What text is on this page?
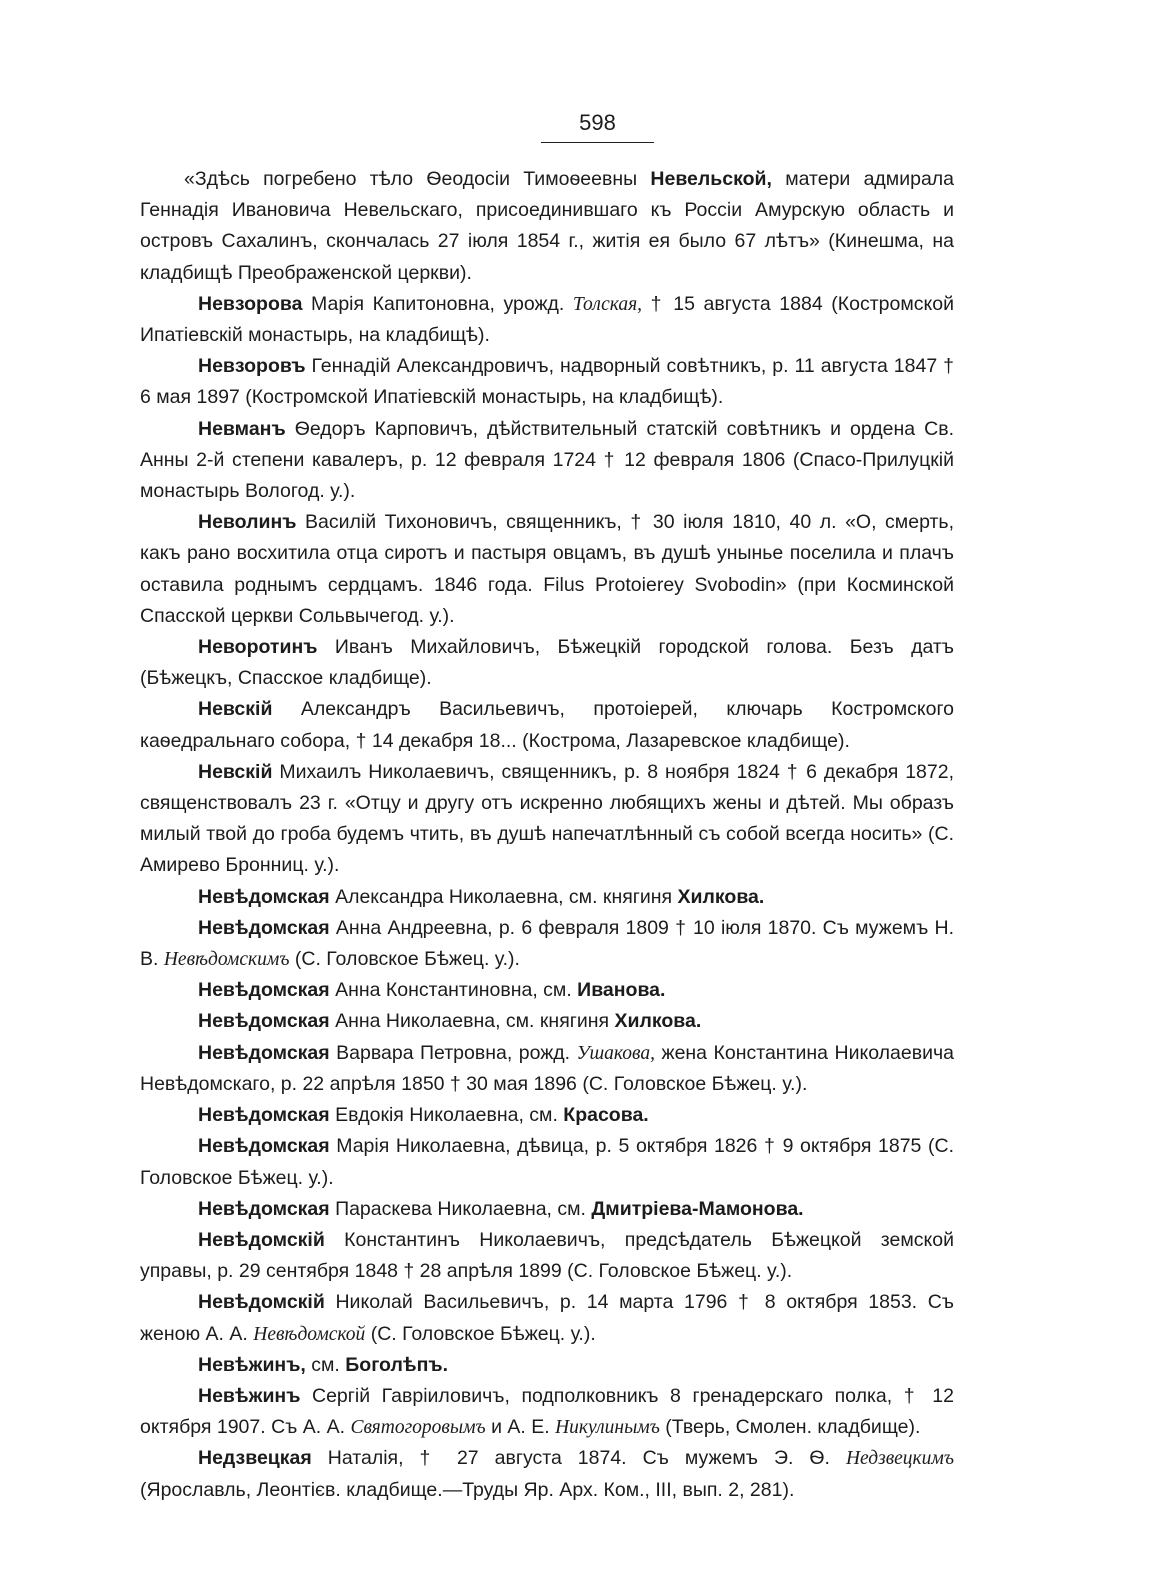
598

«Здѣсь погребено тѣло Ѳеодосіи Тимоѳеевны Невельской, матери адмирала Геннадія Ивановича Невельскаго, присоединившаго къ Россіи Амурскую область и островъ Сахалинъ, скончалась 27 іюля 1854 г., житія ея было 67 лѣтъ» (Кинешма, на кладбищѣ Преображенской церкви).

Невзорова Марія Капитоновна, урожд. Толская, † 15 августа 1884 (Костромской Ипатіевскій монастырь, на кладбищѣ).

Невзоровъ Геннадій Александровичъ, надворный совѣтникъ, р. 11 августа 1847 † 6 мая 1897 (Костромской Ипатіевскій монастырь, на кладбищѣ).

Невманъ Ѳедоръ Карповичъ, дѣйствительный статскій совѣтникъ и ордена Св. Анны 2-й степени кавалеръ, р. 12 февраля 1724 † 12 февраля 1806 (Спасо-Прилуцкій монастырь Вологод. у.).

Неволинъ Василій Тихоновичъ, священникъ, † 30 іюля 1810, 40 л. «О, смерть, какъ рано восхитила отца сиротъ и пастыря овцамъ, въ душѣ унынье поселила и плачъ оставила роднымъ сердцамъ. 1846 года. Filus Protoierey Svobodin» (при Косминской Спасской церкви Сольвычегод. у.).

Неворотинъ Иванъ Михайловичъ, Бѣжецкій городской голова. Безъ датъ (Бѣжецкъ, Спасское кладбище).

Невскій Александръ Васильевичъ, протоіерей, ключарь Костромского каѳедральнаго собора, † 14 декабря 18... (Кострома, Лазаревское кладбище).

Невскій Михаилъ Николаевичъ, священникъ, р. 8 ноября 1824 † 6 декабря 1872, священствовалъ 23 г. «Отцу и другу отъ искренно любящихъ жены и дѣтей. Мы образъ милый твой до гроба будемъ чтить, въ душѣ напечатлѣнный съ собой всегда носить» (С. Амирево Бронниц. у.).

Невѣдомская Александра Николаевна, см. княгиня Хилкова.

Невѣдомская Анна Андреевна, р. 6 февраля 1809 † 10 іюля 1870. Съ мужемъ Н. В. Невѣдомскимъ (С. Головское Бѣжец. у.).

Невѣдомская Анна Константиновна, см. Иванова.

Невѣдомская Анна Николаевна, см. княгиня Хилкова.

Невѣдомская Варвара Петровна, рожд. Ушакова, жена Константина Николаевича Невѣдомскаго, р. 22 апрѣля 1850 † 30 мая 1896 (С. Головское Бѣжец. у.).

Невѣдомская Евдокія Николаевна, см. Красова.

Невѣдомская Марія Николаевна, дѣвица, р. 5 октября 1826 † 9 октября 1875 (С. Головское Бѣжец. у.).

Невѣдомская Параскева Николаевна, см. Дмитріева-Мамонова.

Невѣдомскій Константинъ Николаевичъ, предсѣдатель Бѣжецкой земской управы, р. 29 сентября 1848 † 28 апрѣля 1899 (С. Головское Бѣжец. у.).

Невѣдомскій Николай Васильевичъ, р. 14 марта 1796 † 8 октября 1853. Съ женою А. А. Невѣдомской (С. Головское Бѣжец. у.).

Невѣжинъ, см. Боголѣпъ.

Невѣжинъ Сергій Гавріиловичъ, подполковникъ 8 гренадерскаго полка, † 12 октября 1907. Съ А. А. Святогоровымъ и А. Е. Никулинымъ (Тверь, Смолен. кладбище).

Недзвецкая Наталія, † 27 августа 1874. Съ мужемъ Э. Ѳ. Недзвецкимъ (Ярославль, Леонтієв. кладбище.—Труды Яр. Арх. Ком., III, вып. 2, 281).
